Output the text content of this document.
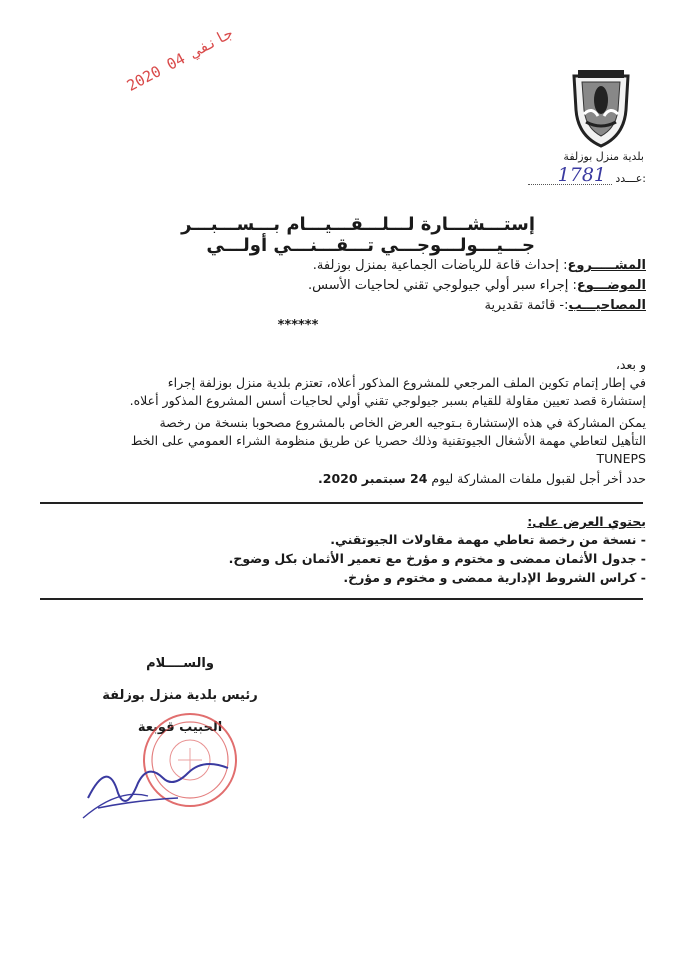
بلدية منزل بوزلفة
عـــدد:
1781
2020 04 جانفي
إستـــشـــارة لـــلـــقـــيـــام بـــســـبـــر جـــيـــولـــوجـــي تـــقـــنـــي أولـــي
المشـــــروع: إحداث قاعة للرياضات الجماعية بمنزل بوزلفة.
الموضـــوع: إجراء سبر أولي جيولوجي تقني لحاجيات الأسس.
المصاحيـــب:- قائمة تقديرية
******
و بعد،
في إطار إتمام تكوين الملف المرجعي للمشروع المذكور أعلاه، تعتزم بلدية منزل بوزلفة إجراء
إستشارة قصد تعيين مقاولة للقيام بسبر جيولوجي تقني أولي لحاجيات أسس المشروع المذكور أعلاه.
يمكن المشاركة في هذه الإستشارة بـتوجيه العرض الخاص بالمشروع مصحوبا بنسخة من رخصة
التأهيل لتعاطي مهمة الأشغال الجيوتقنية وذلك حصريا عن طريق منظومة الشراء العمومي على الخط
TUNEPS
حدد أخر أجل لقبول ملفات المشاركة ليوم 24 سبتمبر 2020.
يحتوي العرض على:
- نسخة من رخصة تعاطي مهمة مقاولات الجيوتقني.
- جدول الأثمان ممضى و مختوم و مؤرخ مع تعمير الأثمان بكل وضوح.
- كراس الشروط الإدارية ممضى و مختوم و مؤرخ.
والســــلام
رئيس بلدية منزل بوزلفة
الحبيب قوبعة
